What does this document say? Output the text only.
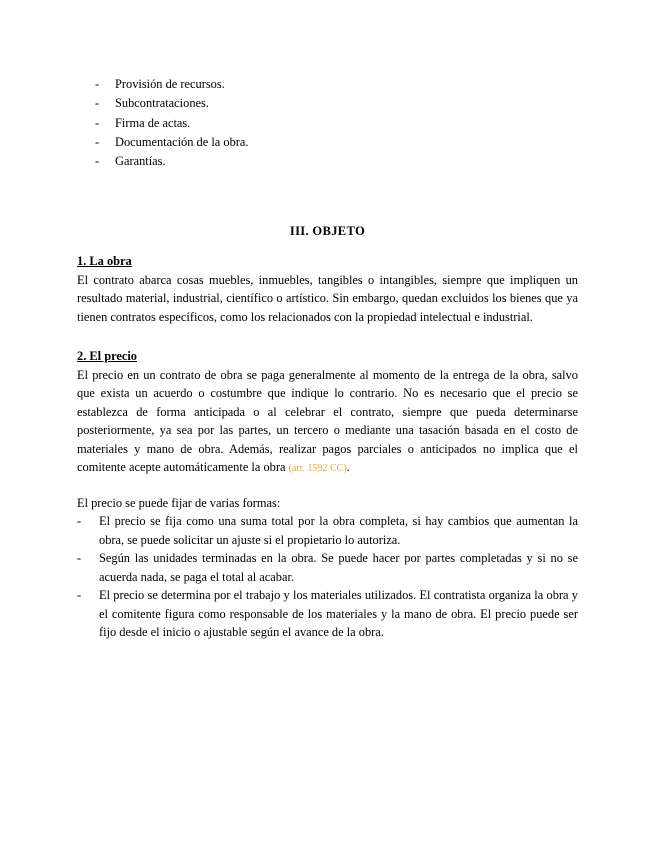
-	Provisión de recursos.
-	Subcontrataciones.
-	Firma de actas.
-	Documentación de la obra.
-	Garantías.
III. OBJETO

1. La obra

El contrato abarca cosas muebles, inmuebles, tangibles o intangibles, siempre que impliquen un resultado material, industrial, científico o artístico. Sin embargo, quedan excluidos los bienes que ya tienen contratos específicos, como los relacionados con la propiedad intelectual e industrial.

2. El precio

El precio en un contrato de obra se paga generalmente al momento de la entrega de la obra, salvo que exista un acuerdo o costumbre que indique lo contrario. No es necesario que el precio se establezca de forma anticipada o al celebrar el contrato, siempre que pueda determinarse posteriormente, ya sea por las partes, un tercero o mediante una tasación basada en el costo de materiales y mano de obra. Además, realizar pagos parciales o anticipados no implica que el comitente acepte automáticamente la obra (art. 1592 CC).

El precio se puede fijar de varias formas:

-	El precio se fija como una suma total por la obra completa, si hay cambios que aumentan la obra, se puede solicitar un ajuste si el propietario lo autoriza.
-	Según las unidades terminadas en la obra. Se puede hacer por partes completadas y si no se acuerda nada, se paga el total al acabar.
-	El precio se determina por el trabajo y los materiales utilizados. El contratista organiza la obra y el comitente figura como responsable de los materiales y la mano de obra. El precio puede ser fijo desde el inicio o ajustable según el avance de la obra.
